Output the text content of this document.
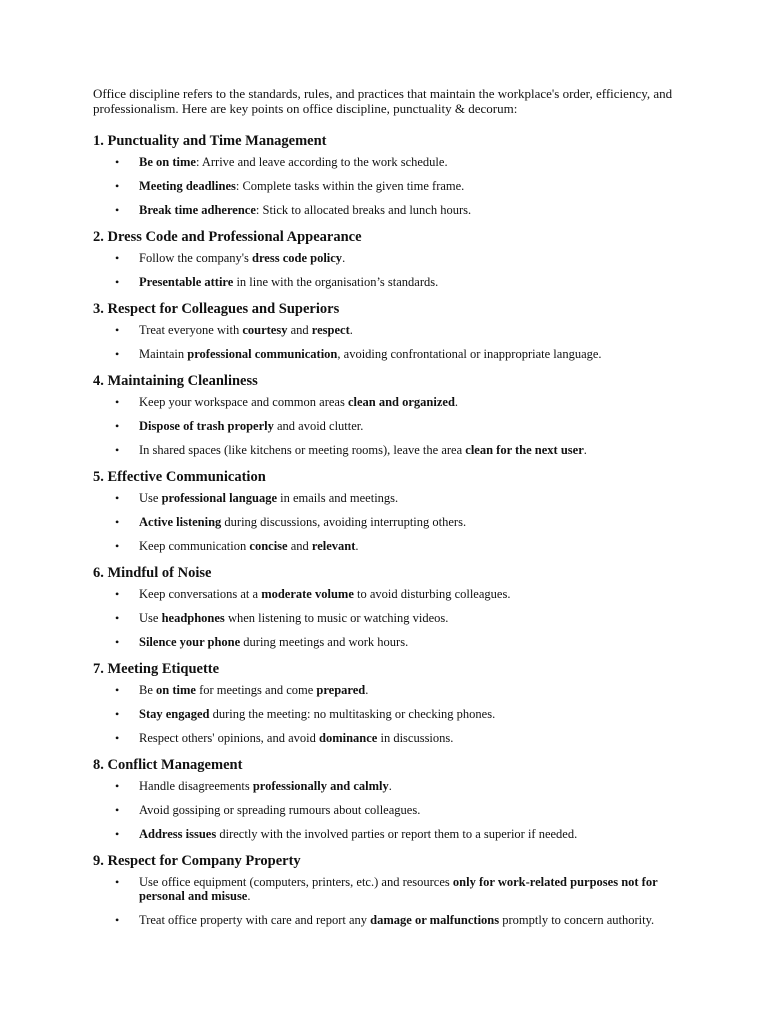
Office discipline refers to the standards, rules, and practices that maintain the workplace's order, efficiency, and professionalism. Here are key points on office discipline, punctuality & decorum:

1. Punctuality and Time Management
• Be on time: Arrive and leave according to the work schedule.
• Meeting deadlines: Complete tasks within the given time frame.
• Break time adherence: Stick to allocated breaks and lunch hours.
2. Dress Code and Professional Appearance
• Follow the company's dress code policy.
• Presentable attire in line with the organisation’s standards.
3. Respect for Colleagues and Superiors
• Treat everyone with courtesy and respect.
• Maintain professional communication, avoiding confrontational or inappropriate language.
4. Maintaining Cleanliness
• Keep your workspace and common areas clean and organized.
• Dispose of trash properly and avoid clutter.
• In shared spaces (like kitchens or meeting rooms), leave the area clean for the next user.
5. Effective Communication
• Use professional language in emails and meetings.
• Active listening during discussions, avoiding interrupting others.
• Keep communication concise and relevant.
6. Mindful of Noise
• Keep conversations at a moderate volume to avoid disturbing colleagues.
• Use headphones when listening to music or watching videos.
• Silence your phone during meetings and work hours.
7. Meeting Etiquette
• Be on time for meetings and come prepared.
• Stay engaged during the meeting: no multitasking or checking phones.
• Respect others' opinions, and avoid dominance in discussions.
8. Conflict Management
• Handle disagreements professionally and calmly.
• Avoid gossiping or spreading rumours about colleagues.
• Address issues directly with the involved parties or report them to a superior if needed.
9. Respect for Company Property
• Use office equipment (computers, printers, etc.) and resources only for work-related purposes not for personal and misuse.
• Treat office property with care and report any damage or malfunctions promptly to concern authority.
